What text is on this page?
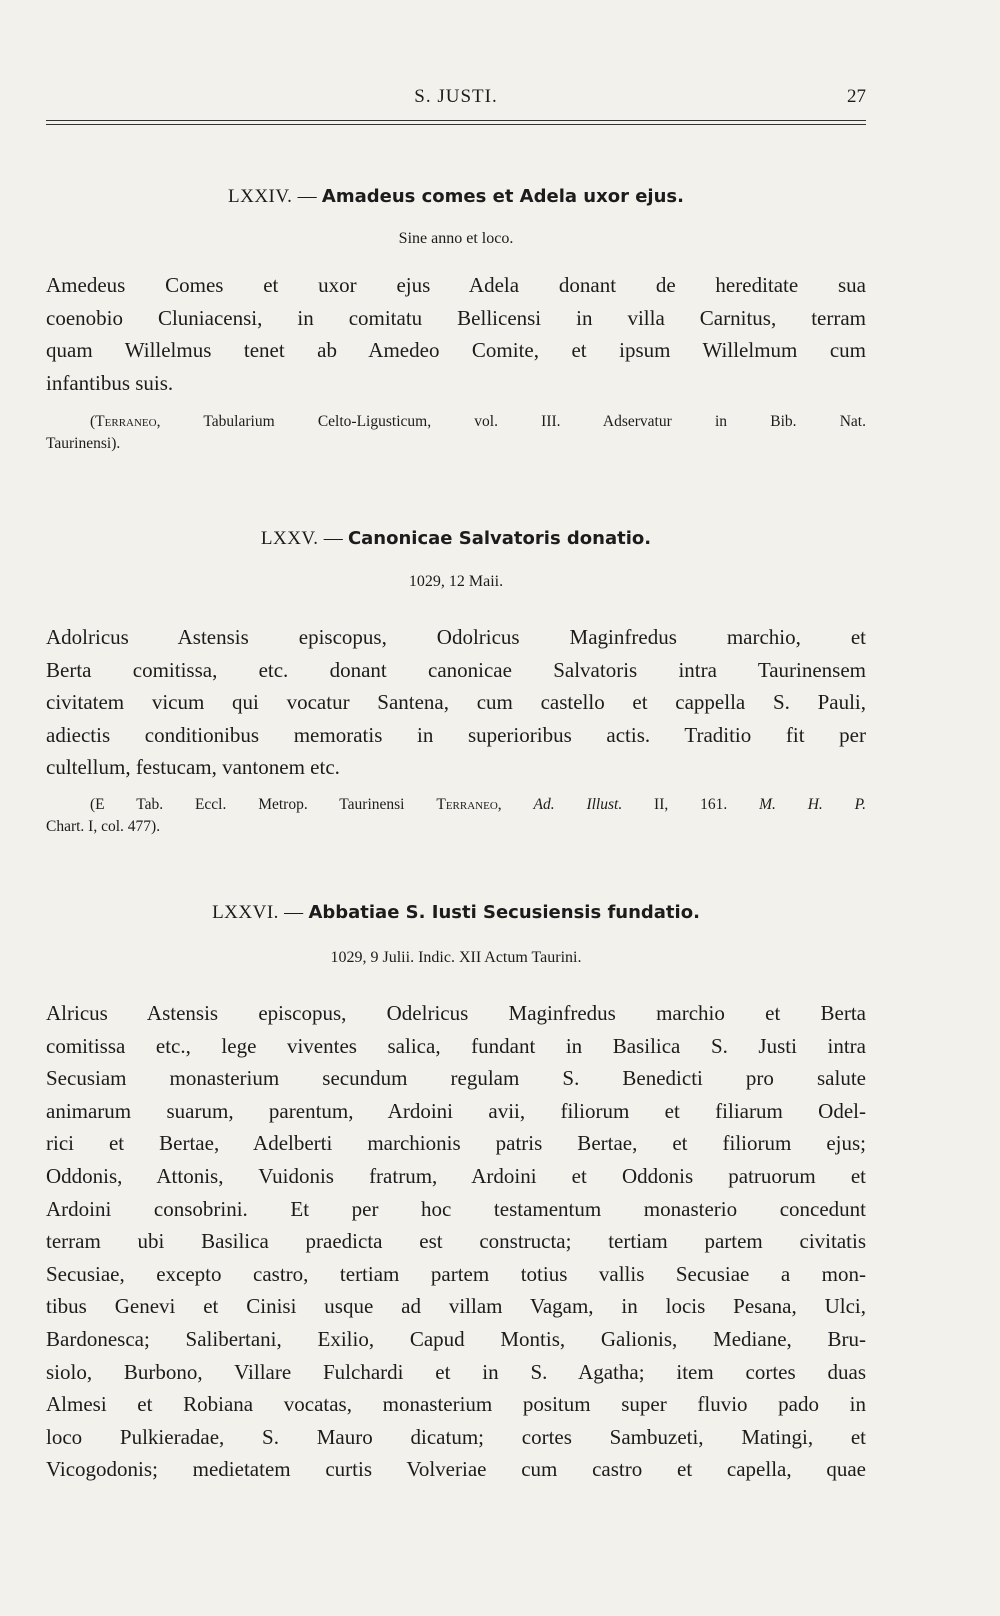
S. JUSTI.	27
LXXIV. — Amadeus comes et Adela uxor ejus.
Sine anno et loco.
Amedeus Comes et uxor ejus Adela donant de hereditate sua
coenobio Cluniacensi, in comitatu Bellicensi in villa Carnitus, terram
quam Willelmus tenet ab Amedeo Comite, et ipsum Willelmum cum
infantibus suis.
(Terraneo, Tabularium Celto-Ligusticum, vol. III. Adservatur in Bib. Nat.
Taurinensi).
LXXV. — Canonicae Salvatoris donatio.
1029, 12 Maii.
Adolricus Astensis episcopus, Odolricus Maginfredus marchio, et
Berta comitissa, etc. donant canonicae Salvatoris intra Taurinensem
civitatem vicum qui vocatur Santena, cum castello et cappella S. Pauli,
adiectis conditionibus memoratis in superioribus actis. Traditio fit per
cultellum, festucam, vantonem etc.
(E Tab. Eccl. Metrop. Taurinensi Terraneo, Ad. Illust. II, 161. M. H. P.
Chart. I, col. 477).
LXXVI. — Abbatiae S. Iusti Secusiensis fundatio.
1029, 9 Julii. Indic. XII Actum Taurini.
Alricus Astensis episcopus, Odelricus Maginfredus marchio et Berta
comitissa etc., lege viventes salica, fundant in Basilica S. Justi intra
Secusiam monasterium secundum regulam S. Benedicti pro salute
animarum suarum, parentum, Ardoini avii, filiorum et filiarum Odel-
rici et Bertae, Adelberti marchionis patris Bertae, et filiorum ejus;
Oddonis, Attonis, Vuidonis fratrum, Ardoini et Oddonis patruorum et
Ardoini consobrini. Et per hoc testamentum monasterio concedunt
terram ubi Basilica praedicta est constructa; tertiam partem civitatis
Secusiae, excepto castro, tertiam partem totius vallis Secusiae a mon-
tibus Genevi et Cinisi usque ad villam Vagam, in locis Pesana, Ulci,
Bardonesca; Salibertani, Exilio, Capud Montis, Galionis, Mediane, Bru-
siolo, Burbono, Villare Fulchardi et in S. Agatha; item cortes duas
Almesi et Robiana vocatas, monasterium positum super fluvio pado in
loco Pulkieradae, S. Mauro dicatum; cortes Sambuzeti, Matingi, et
Vicogodonis; medietatem curtis Volveriae cum castro et capella, quae
